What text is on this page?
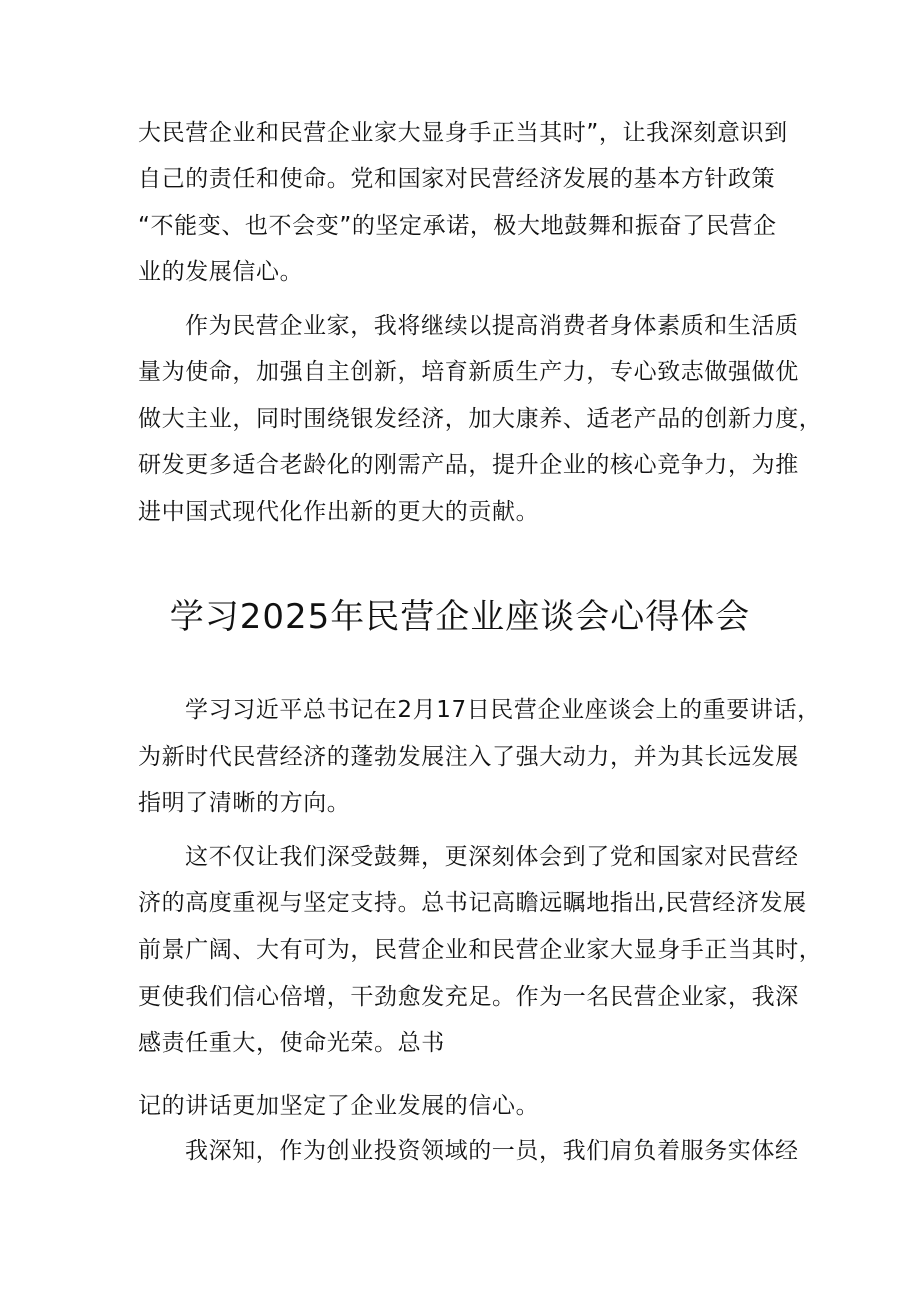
大民营企业和民营企业家大显身手正当其时”，让我深刻意识到
自己的责任和使命。党和国家对民营经济发展的基本方针政策
“不能变、也不会变”的坚定承诺，极大地鼓舞和振奋了民营企
业的发展信心。
作为民营企业家，我将继续以提高消费者身体素质和生活质
量为使命，加强自主创新，培育新质生产力，专心致志做强做优
做大主业，同时围绕银发经济，加大康养、适老产品的创新力度，
研发更多适合老龄化的刚需产品，提升企业的核心竞争力，为推
进中国式现代化作出新的更大的贡献。
学习2025年民营企业座谈会心得体会
学习习近平总书记在2月17日民营企业座谈会上的重要讲话，
为新时代民营经济的蓬勃发展注入了强大动力，并为其长远发展
指明了清晰的方向。
这不仅让我们深受鼓舞，更深刻体会到了党和国家对民营经
济的高度重视与坚定支持。总书记高瞻远瞩地指出,民营经济发展
前景广阔、大有可为，民营企业和民营企业家大显身手正当其时，
更使我们信心倍增，干劲愈发充足。作为一名民营企业家，我深
感责任重大，使命光荣。总书
记的讲话更加坚定了企业发展的信心。
我深知，作为创业投资领域的一员，我们肩负着服务实体经
